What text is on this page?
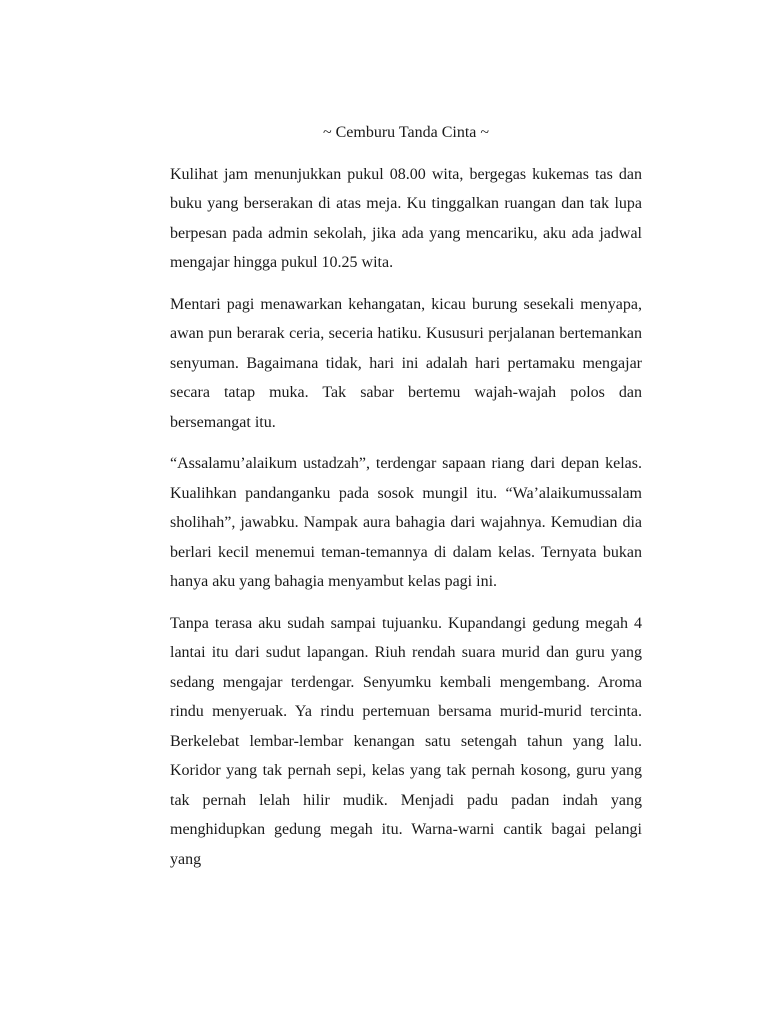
~ Cemburu Tanda Cinta ~

Kulihat jam menunjukkan pukul 08.00 wita, bergegas kukemas tas dan buku yang berserakan di atas meja. Ku tinggalkan ruangan dan tak lupa berpesan pada admin sekolah, jika ada yang mencariku, aku ada jadwal mengajar hingga pukul 10.25 wita.

Mentari pagi menawarkan kehangatan, kicau burung sesekali menyapa, awan pun berarak ceria, seceria hatiku. Kususuri perjalanan bertemankan senyuman. Bagaimana tidak, hari ini adalah hari pertamaku mengajar secara tatap muka. Tak sabar bertemu wajah-wajah polos dan bersemangat itu.

“Assalamu’alaikum ustadzah”, terdengar sapaan riang dari depan kelas. Kualihkan pandanganku pada sosok mungil itu. “Wa’alaikumussalam sholihah”, jawabku. Nampak aura bahagia dari wajahnya. Kemudian dia berlari kecil menemui teman-temannya di dalam kelas. Ternyata bukan hanya aku yang bahagia menyambut kelas pagi ini.

Tanpa terasa aku sudah sampai tujuanku. Kupandangi gedung megah 4 lantai itu dari sudut lapangan. Riuh rendah suara murid dan guru yang sedang mengajar terdengar. Senyumku kembali mengembang. Aroma rindu menyeruak. Ya rindu pertemuan bersama murid-murid tercinta. Berkelebat lembar-lembar kenangan satu setengah tahun yang lalu. Koridor yang tak pernah sepi, kelas yang tak pernah kosong, guru yang tak pernah lelah hilir mudik. Menjadi padu padan indah yang menghidupkan gedung megah itu. Warna-warni cantik bagai pelangi yang
